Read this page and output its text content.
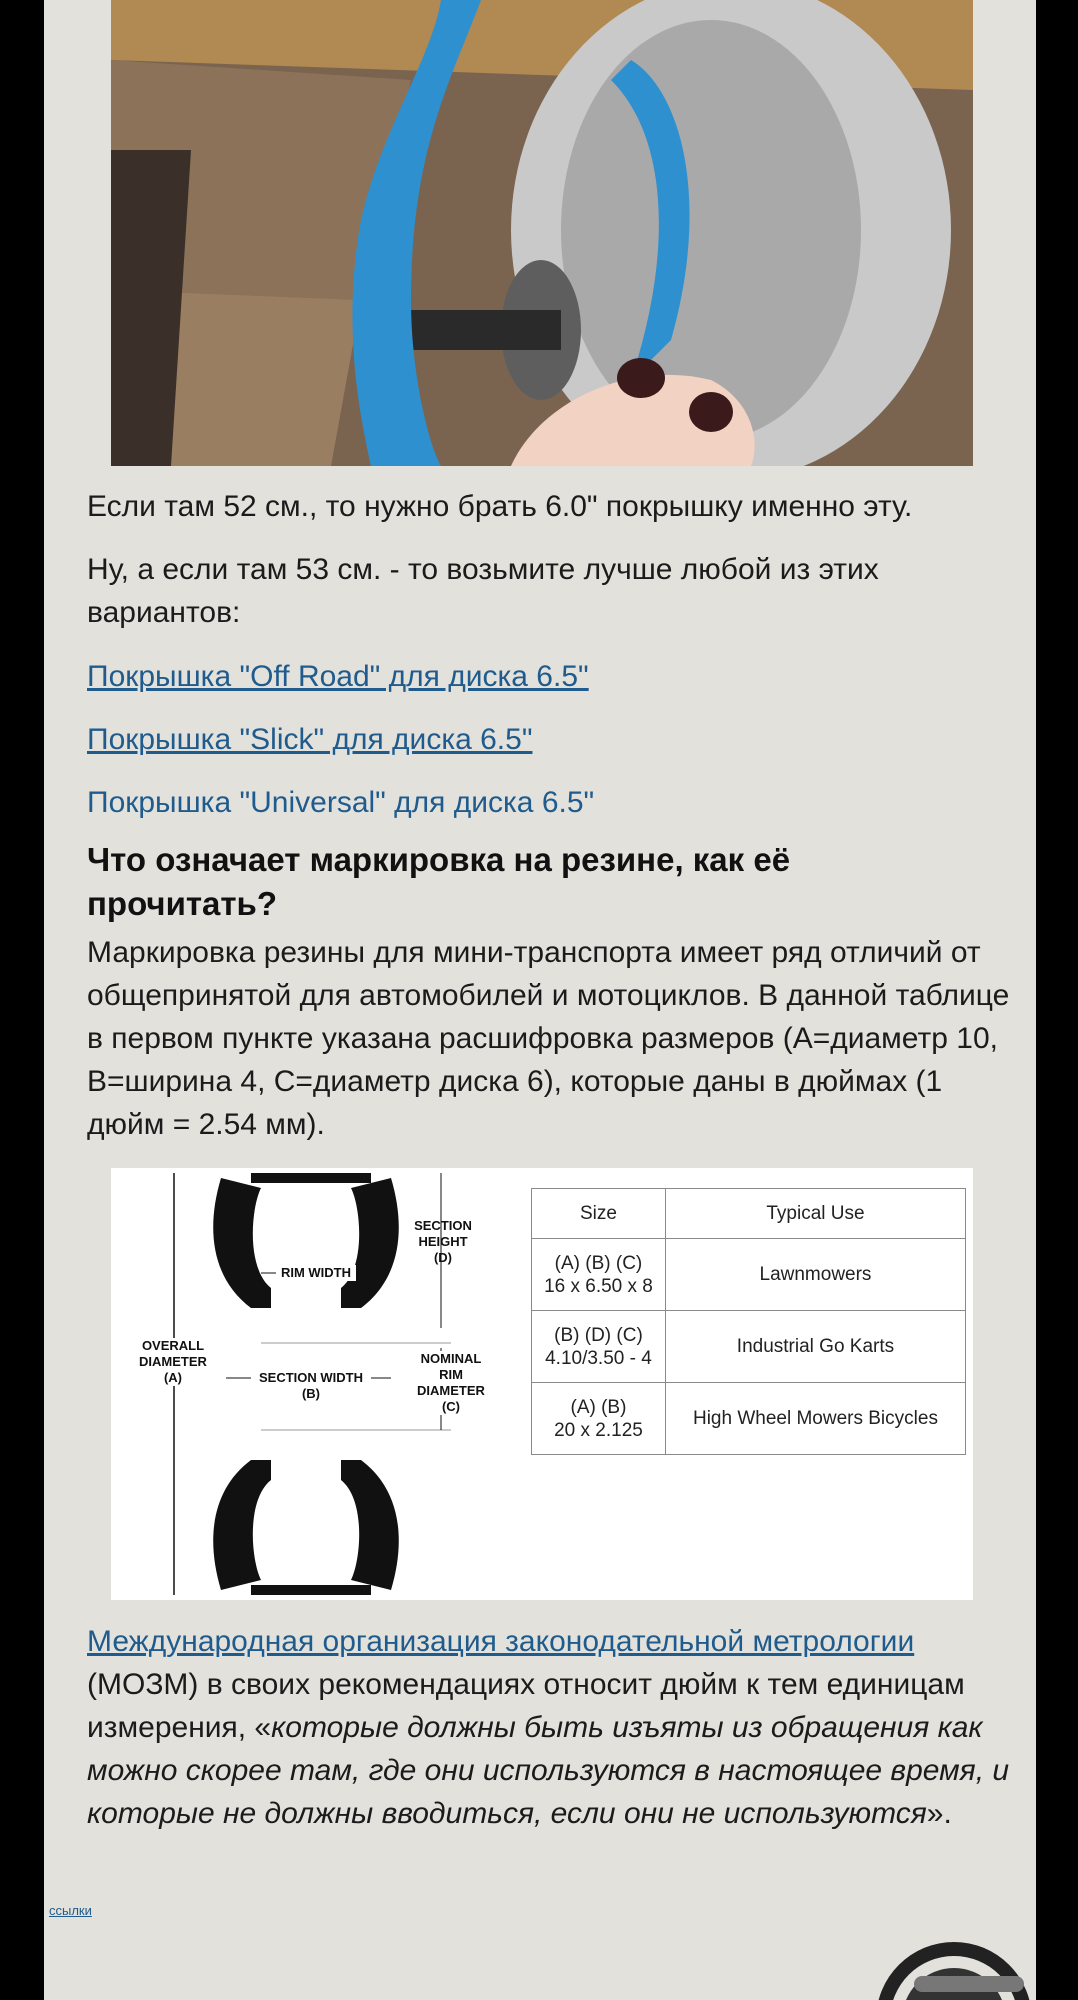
Если там 52 см., то нужно брать 6.0" покрышку именно эту.

Ну, а если там 53 см. - то возьмите лучше любой из этих вариантов:

Покрышка "Off Road" для диска 6.5"

Покрышка "Slick" для диска 6.5"

Покрышка "Universal" для диска 6.5"

Что означает маркировка на резине, как её прочитать?

Маркировка резины для мини-транспорта имеет ряд отличий от общепринятой для автомобилей и мотоциклов. В данной таблице в первом пункте указана расшифровка размеров (A=диаметр 10, B=ширина 4, C=диаметр диска 6), которые даны в дюймах (1 дюйм = 2.54 мм).

SECTION HEIGHT (D)
RIM WIDTH
OVERALL DIAMETER (A)	SECTION WIDTH (B)
NOMINAL RIM DIAMETER (C)
Size	Typical Use

(A) (B) (C)
16 x 6.50 x 8	Lawnmowers

(B) (D) (C)
4.10/3.50 - 4	Industrial Go Karts

(A) (B)
20 x 2.125	High Wheel Mowers Bicycles

Международная организация законодательной метрологии (МОЗМ) в своих рекомендациях относит дюйм к тем единицам измерения, «которые должны быть изъяты из обращения как можно скорее там, где они используются в настоящее время, и которые не должны вводиться, если они не используются».

ссылки
